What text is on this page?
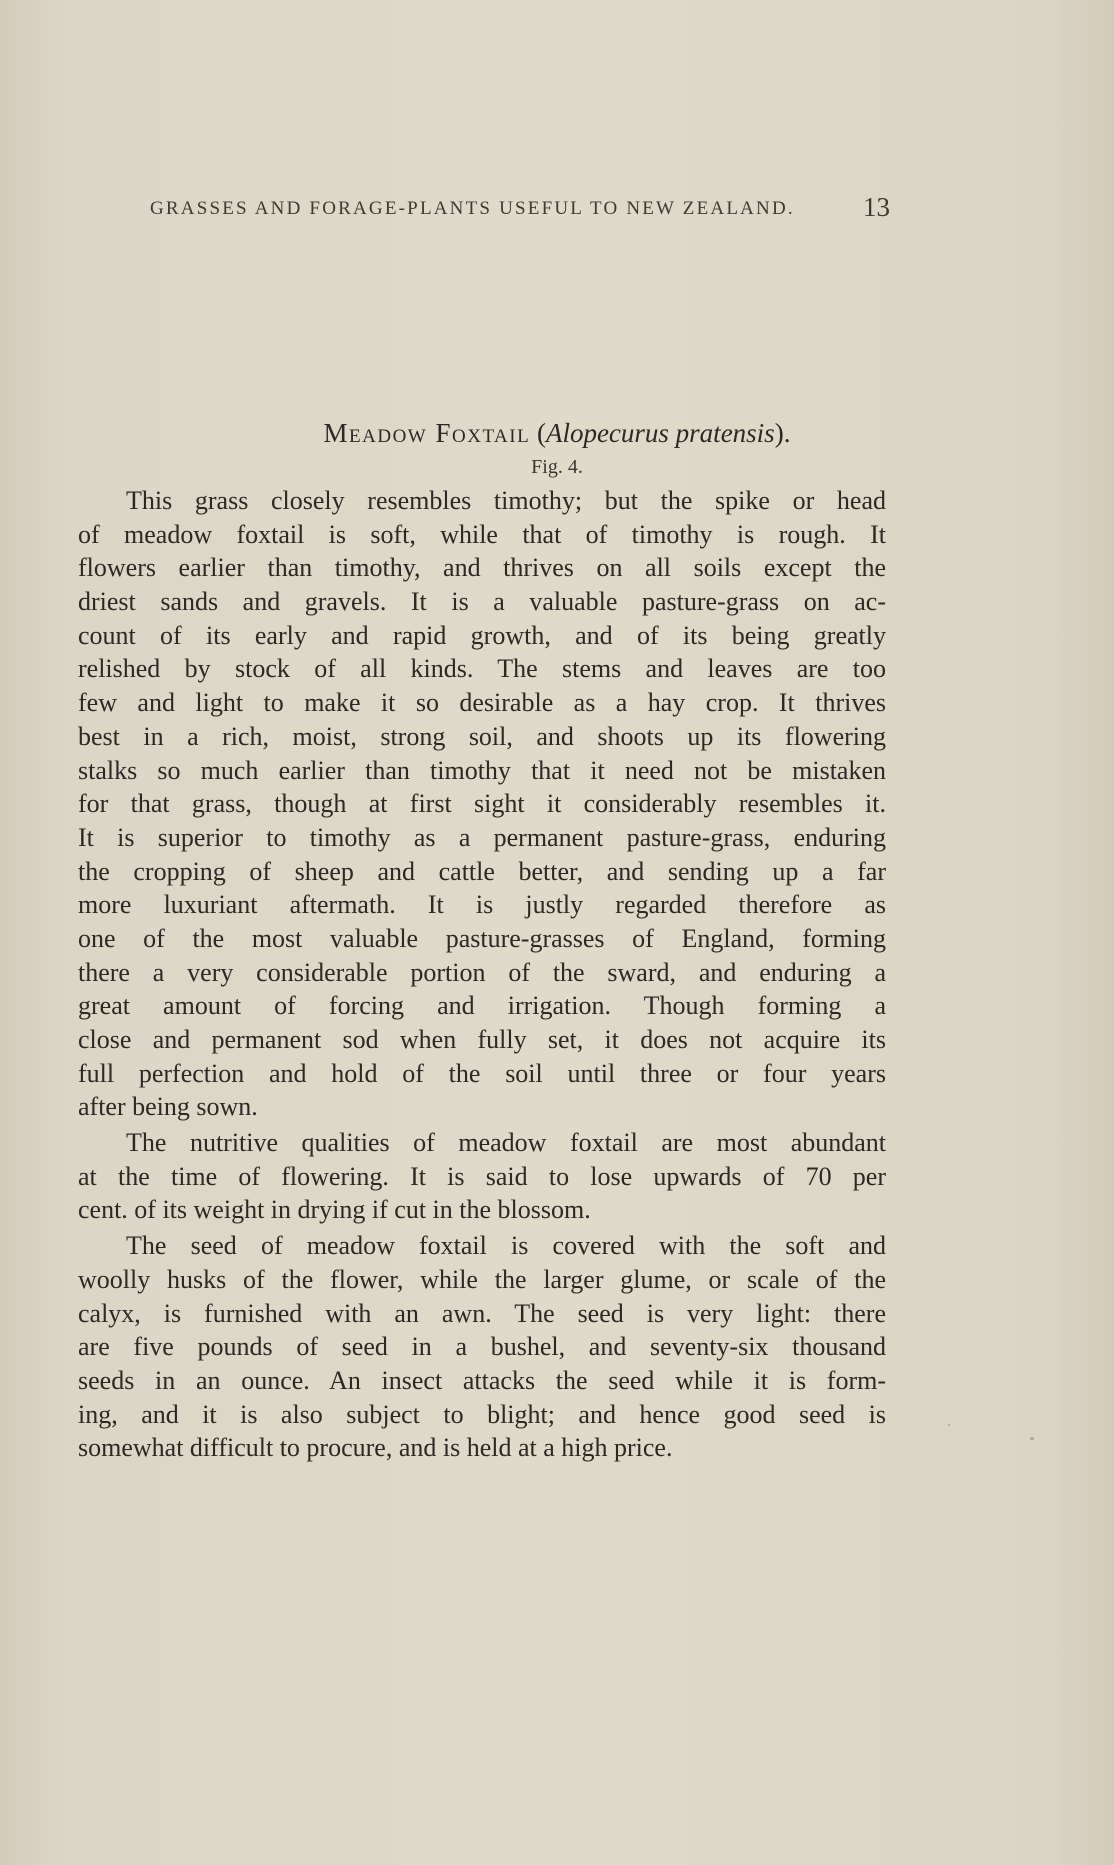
GRASSES AND FORAGE-PLANTS USEFUL TO NEW ZEALAND.	13
Meadow Foxtail (Alopecurus pratensis).
Fig. 4.
This grass closely resembles timothy; but the spike or head
of meadow foxtail is soft, while that of timothy is rough. It
flowers earlier than timothy, and thrives on all soils except the
driest sands and gravels. It is a valuable pasture-grass on ac-
count of its early and rapid growth, and of its being greatly
relished by stock of all kinds. The stems and leaves are too
few and light to make it so desirable as a hay crop. It thrives
best in a rich, moist, strong soil, and shoots up its flowering
stalks so much earlier than timothy that it need not be mistaken
for that grass, though at first sight it considerably resembles it.
It is superior to timothy as a permanent pasture-grass, enduring
the cropping of sheep and cattle better, and sending up a far
more luxuriant aftermath. It is justly regarded therefore as
one of the most valuable pasture-grasses of England, forming
there a very considerable portion of the sward, and enduring a
great amount of forcing and irrigation. Though forming a
close and permanent sod when fully set, it does not acquire its
full perfection and hold of the soil until three or four years
after being sown.
The nutritive qualities of meadow foxtail are most abundant
at the time of flowering. It is said to lose upwards of 70 per
cent. of its weight in drying if cut in the blossom.
The seed of meadow foxtail is covered with the soft and
woolly husks of the flower, while the larger glume, or scale of the
calyx, is furnished with an awn. The seed is very light: there
are five pounds of seed in a bushel, and seventy-six thousand
seeds in an ounce. An insect attacks the seed while it is form-
ing, and it is also subject to blight; and hence good seed is
somewhat difficult to procure, and is held at a high price.
